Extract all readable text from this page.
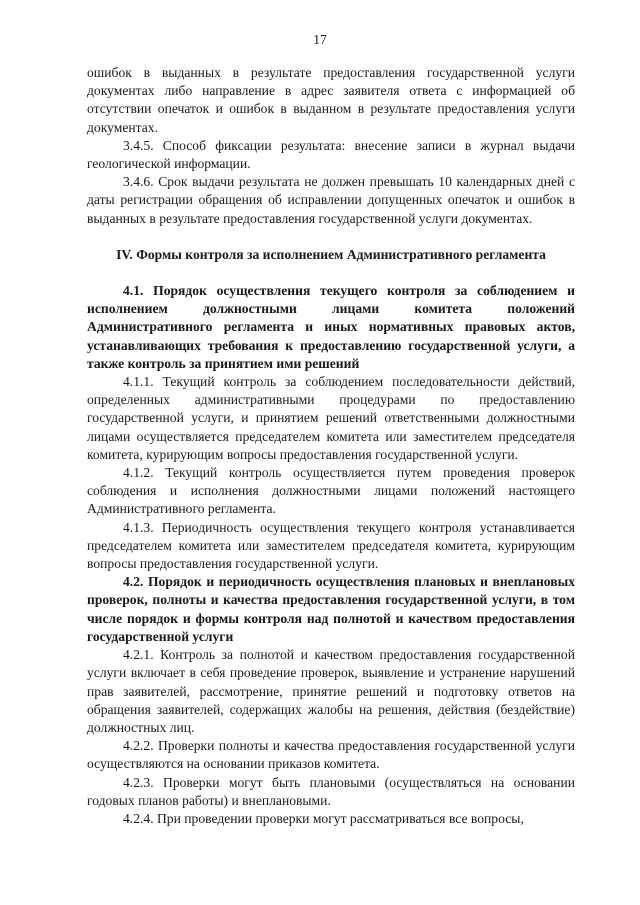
17

ошибок в выданных в результате предоставления государственной услуги документах либо направление в адрес заявителя ответа с информацией об отсутствии опечаток и ошибок в выданном в результате предоставления услуги документах.

3.4.5. Способ фиксации результата: внесение записи в журнал выдачи геологической информации.

3.4.6. Срок выдачи результата не должен превышать 10 календарных дней с даты регистрации обращения об исправлении допущенных опечаток и ошибок в выданных в результате предоставления государственной услуги документах.

IV. Формы контроля за исполнением Административного регламента

4.1. Порядок осуществления текущего контроля за соблюдением и исполнением должностными лицами комитета положений Административного регламента и иных нормативных правовых актов, устанавливающих требования к предоставлению государственной услуги, а также контроль за принятием ими решений

4.1.1. Текущий контроль за соблюдением последовательности действий, определенных административными процедурами по предоставлению государственной услуги, и принятием решений ответственными должностными лицами осуществляется председателем комитета или заместителем председателя комитета, курирующим вопросы предоставления государственной услуги.

4.1.2. Текущий контроль осуществляется путем проведения проверок соблюдения и исполнения должностными лицами положений настоящего Административного регламента.

4.1.3. Периодичность осуществления текущего контроля устанавливается председателем комитета или заместителем председателя комитета, курирующим вопросы предоставления государственной услуги.

4.2. Порядок и периодичность осуществления плановых и внеплановых проверок, полноты и качества предоставления государственной услуги, в том числе порядок и формы контроля над полнотой и качеством предоставления государственной услуги

4.2.1. Контроль за полнотой и качеством предоставления государственной услуги включает в себя проведение проверок, выявление и устранение нарушений прав заявителей, рассмотрение, принятие решений и подготовку ответов на обращения заявителей, содержащих жалобы на решения, действия (бездействие) должностных лиц.

4.2.2. Проверки полноты и качества предоставления государственной услуги осуществляются на основании приказов комитета.

4.2.3. Проверки могут быть плановыми (осуществляться на основании годовых планов работы) и внеплановыми.

4.2.4. При проведении проверки могут рассматриваться все вопросы,
